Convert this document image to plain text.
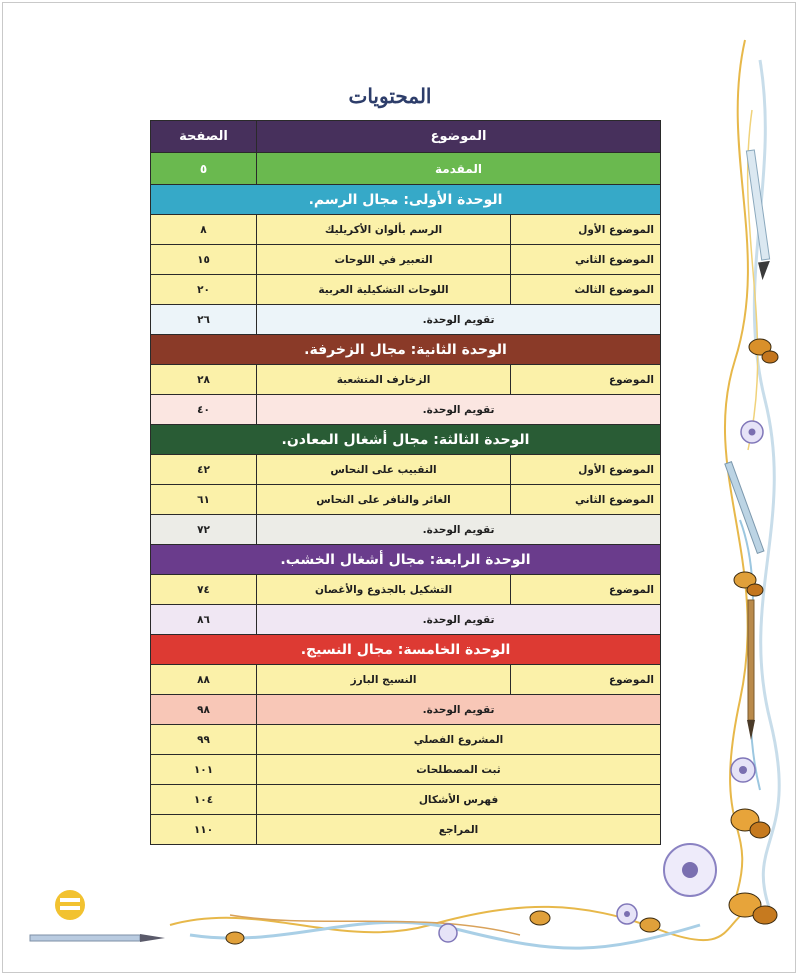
المحتويات
الموضوع		الصفحة
المقدمة		٥
الوحدة الأولى: مجال الرسم.		
الموضوع الأول	الرسم بألوان الأكريليك	٨
الموضوع الثاني	التعبير في اللوحات	١٥
الموضوع الثالث	اللوحات التشكيلية العربية	٢٠
تقويم الوحدة.		٢٦
الوحدة الثانية: مجال الزخرفة.		
الموضوع	الزخارف المتشعبة	٢٨
تقويم الوحدة.		٤٠
الوحدة الثالثة: مجال أشغال المعادن.		
الموضوع الأول	التقبيب على النحاس	٤٢
الموضوع الثاني	الغائر والنافر على النحاس	٦١
تقويم الوحدة.		٧٢
الوحدة الرابعة: مجال أشغال الخشب.		
الموضوع	التشكيل بالجذوع والأغصان	٧٤
تقويم الوحدة.		٨٦
الوحدة الخامسة: مجال النسيج.		
الموضوع	النسيج البارز	٨٨
تقويم الوحدة.		٩٨
المشروع الفصلي		٩٩
ثبت المصطلحات		١٠١
فهرس الأشكال		١٠٤
المراجع		١١٠
